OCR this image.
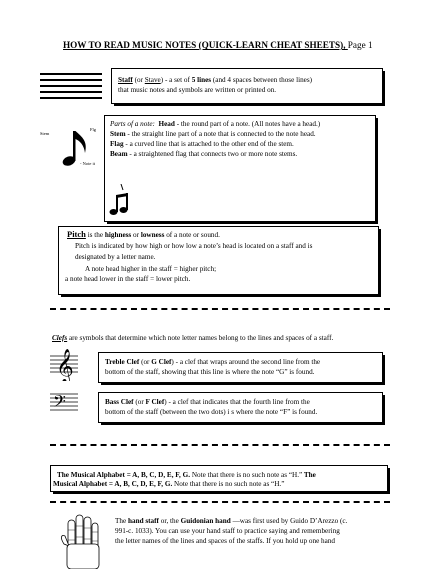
HOW TO READ MUSIC NOTES (QUICK-LEARN CHEAT SHEETS), Page 1
Staff (or Stave) - a set of 5 lines (and 4 spaces between those lines)
that music notes and symbols are written or printed on.
Parts of a note: Head - the round part of a note. (All notes have a head.)
Stem - the straight line part of a note that is connected to the note head.
Flag - a curved line that is attached to the other end of the stem.
Beam - a straightened flag that connects two or more note stems.
Stem
Flg
- Note it
Pitch is the highness or lowness of a note or sound.
Pitch is indicated by how high or how low a note’s head is located on a staff and is
designated by a letter name.
A note head higher in the staff = higher pitch;
a note head lower in the staff = lower pitch.
Clefs are symbols that determine which note letter names belong to the lines and spaces of a staff.
𝄞	Treble Clef (or G Clef) - a clef that wraps around the second line from the
bottom of the staff, showing that this line is where the note “G” is found.
𝄢	Bass Clef (or F Clef) - a clef that indicates that the fourth line from the
bottom of the staff (between the two dots) i s where the note “F” is found.
The Musical Alphabet = A, B, C, D, E, F, G. Note that there is no such note as “H.” The
Musical Alphabet = A, B, C, D, E, F, G. Note that there is no such note as “H.”
The hand staff or, the Guidonian hand —was first used by Guido D’Arezzo (c.
991-c. 1033). You can use your hand staff to practice saying and remembering
the letter names of the lines and spaces of the staffs. If you hold up one hand
